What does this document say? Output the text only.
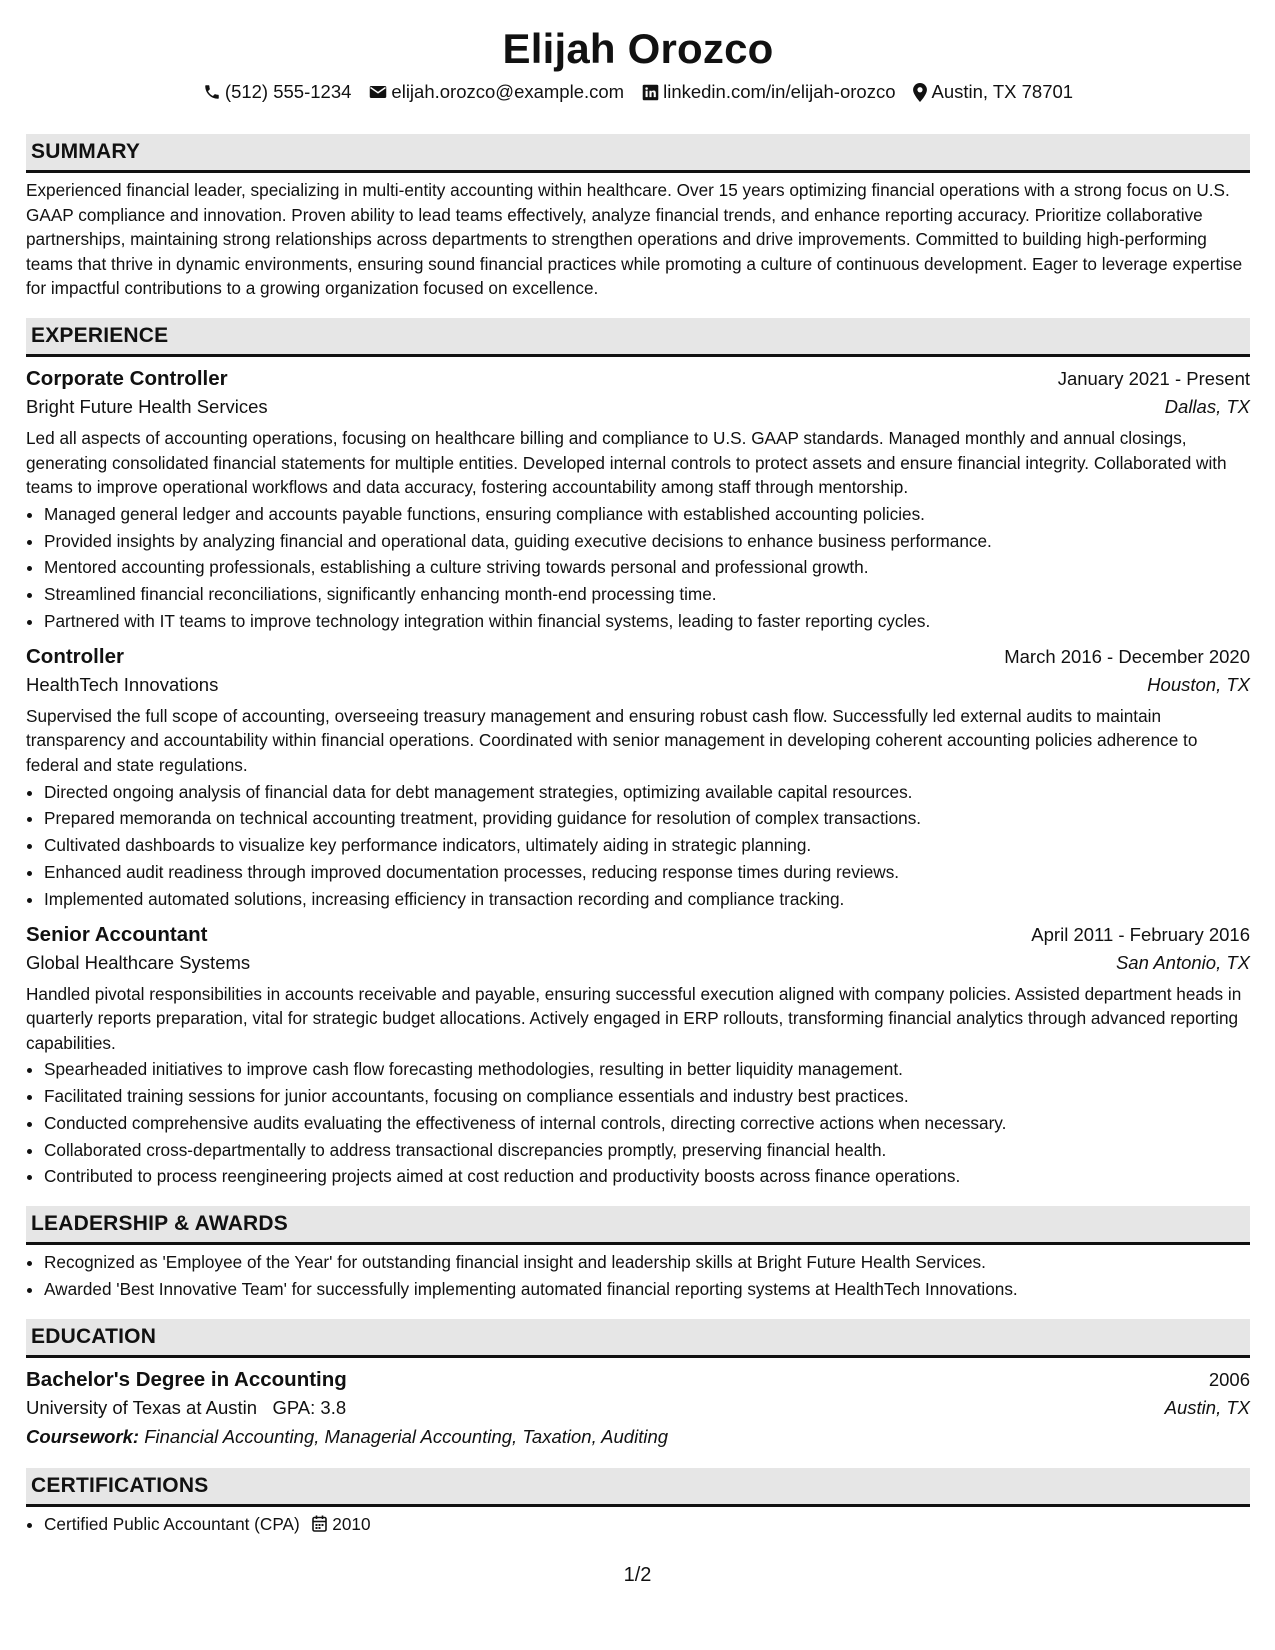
Elijah Orozco
(512) 555-1234 elijah.orozco@example.com linkedin.com/in/elijah-orozco Austin, TX 78701
SUMMARY
Experienced financial leader, specializing in multi-entity accounting within healthcare. Over 15 years optimizing financial operations with a strong focus on U.S. GAAP compliance and innovation. Proven ability to lead teams effectively, analyze financial trends, and enhance reporting accuracy. Prioritize collaborative partnerships, maintaining strong relationships across departments to strengthen operations and drive improvements. Committed to building high-performing teams that thrive in dynamic environments, ensuring sound financial practices while promoting a culture of continuous development. Eager to leverage expertise for impactful contributions to a growing organization focused on excellence.
EXPERIENCE
Corporate Controller	January 2021 - Present
Bright Future Health Services	Dallas, TX
Led all aspects of accounting operations, focusing on healthcare billing and compliance to U.S. GAAP standards. Managed monthly and annual closings, generating consolidated financial statements for multiple entities. Developed internal controls to protect assets and ensure financial integrity. Collaborated with teams to improve operational workflows and data accuracy, fostering accountability among staff through mentorship.
• Managed general ledger and accounts payable functions, ensuring compliance with established accounting policies.
• Provided insights by analyzing financial and operational data, guiding executive decisions to enhance business performance.
• Mentored accounting professionals, establishing a culture striving towards personal and professional growth.
• Streamlined financial reconciliations, significantly enhancing month-end processing time.
• Partnered with IT teams to improve technology integration within financial systems, leading to faster reporting cycles.
Controller	March 2016 - December 2020
HealthTech Innovations	Houston, TX
Supervised the full scope of accounting, overseeing treasury management and ensuring robust cash flow. Successfully led external audits to maintain transparency and accountability within financial operations. Coordinated with senior management in developing coherent accounting policies adherence to federal and state regulations.
• Directed ongoing analysis of financial data for debt management strategies, optimizing available capital resources.
• Prepared memoranda on technical accounting treatment, providing guidance for resolution of complex transactions.
• Cultivated dashboards to visualize key performance indicators, ultimately aiding in strategic planning.
• Enhanced audit readiness through improved documentation processes, reducing response times during reviews.
• Implemented automated solutions, increasing efficiency in transaction recording and compliance tracking.
Senior Accountant	April 2011 - February 2016
Global Healthcare Systems	San Antonio, TX
Handled pivotal responsibilities in accounts receivable and payable, ensuring successful execution aligned with company policies. Assisted department heads in quarterly reports preparation, vital for strategic budget allocations. Actively engaged in ERP rollouts, transforming financial analytics through advanced reporting capabilities.
• Spearheaded initiatives to improve cash flow forecasting methodologies, resulting in better liquidity management.
• Facilitated training sessions for junior accountants, focusing on compliance essentials and industry best practices.
• Conducted comprehensive audits evaluating the effectiveness of internal controls, directing corrective actions when necessary.
• Collaborated cross-departmentally to address transactional discrepancies promptly, preserving financial health.
• Contributed to process reengineering projects aimed at cost reduction and productivity boosts across finance operations.
LEADERSHIP & AWARDS
• Recognized as 'Employee of the Year' for outstanding financial insight and leadership skills at Bright Future Health Services.
• Awarded 'Best Innovative Team' for successfully implementing automated financial reporting systems at HealthTech Innovations.
EDUCATION
Bachelor's Degree in Accounting	2006
University of Texas at Austin GPA: 3.8	Austin, TX
Coursework: Financial Accounting, Managerial Accounting, Taxation, Auditing
CERTIFICATIONS
• Certified Public Accountant (CPA) 2010
1/2
